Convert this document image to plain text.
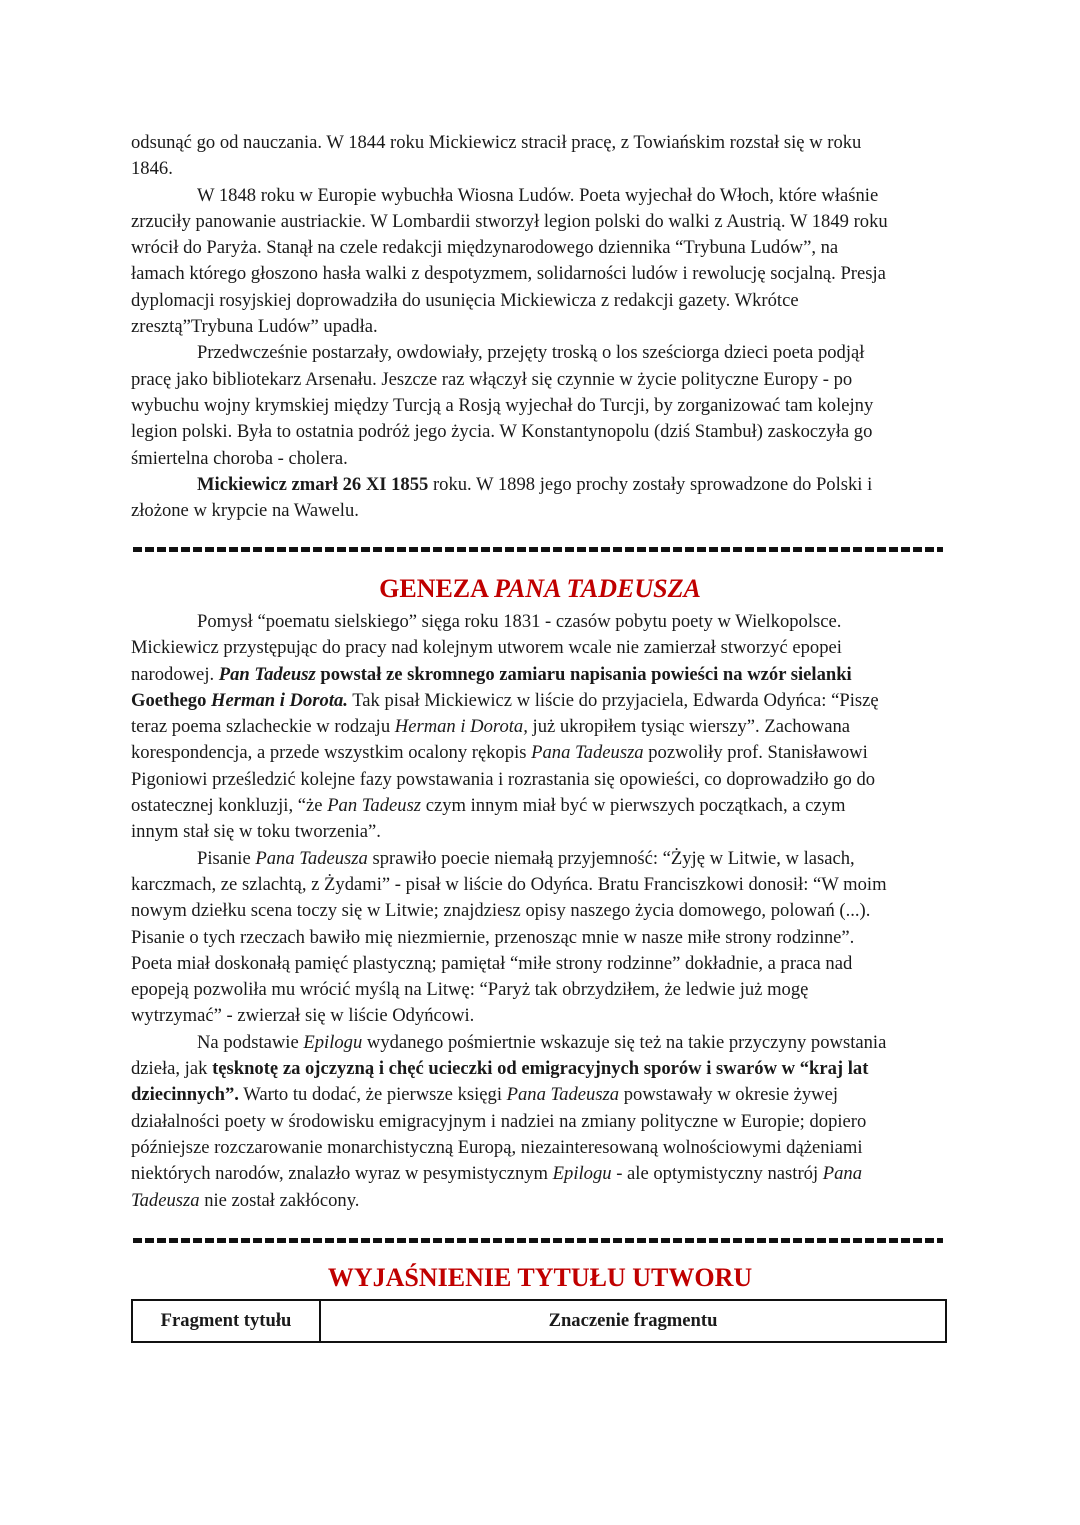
odsunąć go od nauczania. W 1844 roku Mickiewicz stracił pracę, z Towiańskim rozstał się w roku
1846.
W 1848 roku w Europie wybuchła Wiosna Ludów. Poeta wyjechał do Włoch, które właśnie
zrzuciły panowanie austriackie. W Lombardii stworzył legion polski do walki z Austrią. W 1849 roku
wrócił do Paryża. Stanął na czele redakcji międzynarodowego dziennika “Trybuna Ludów”, na
łamach którego głoszono hasła walki z despotyzmem, solidarności ludów i rewolucję socjalną. Presja
dyplomacji rosyjskiej doprowadziła do usunięcia Mickiewicza z redakcji gazety. Wkrótce
zresztą”Trybuna Ludów” upadła.
Przedwcześnie postarzały, owdowiały, przejęty troską o los sześciorga dzieci poeta podjął
pracę jako bibliotekarz Arsenału. Jeszcze raz włączył się czynnie w życie polityczne Europy - po
wybuchu wojny krymskiej między Turcją a Rosją wyjechał do Turcji, by zorganizować tam kolejny
legion polski. Była to ostatnia podróż jego życia. W Konstantynopolu (dziś Stambuł) zaskoczyła go
śmiertelna choroba - cholera.
Mickiewicz zmarł 26 XI 1855 roku. W 1898 jego prochy zostały sprowadzone do Polski i
złożone w krypcie na Wawelu.
GENEZA PANA TADEUSZA
Pomysł “poematu sielskiego” sięga roku 1831 - czasów pobytu poety w Wielkopolsce.
Mickiewicz przystępując do pracy nad kolejnym utworem wcale nie zamierzał stworzyć epopei
narodowej. Pan Tadeusz powstał ze skromnego zamiaru napisania powieści na wzór sielanki
Goethego Herman i Dorota. Tak pisał Mickiewicz w liście do przyjaciela, Edwarda Odyńca: “Piszę
teraz poema szlacheckie w rodzaju Herman i Dorota, już ukropiłem tysiąc wierszy”. Zachowana
korespondencja, a przede wszystkim ocalony rękopis Pana Tadeusza pozwoliły prof. Stanisławowi
Pigoniowi prześledzić kolejne fazy powstawania i rozrastania się opowieści, co doprowadziło go do
ostatecznej konkluzji, “że Pan Tadeusz czym innym miał być w pierwszych początkach, a czym
innym stał się w toku tworzenia”.
Pisanie Pana Tadeusza sprawiło poecie niemałą przyjemność: “Żyję w Litwie, w lasach,
karczmach, ze szlachtą, z Żydami” - pisał w liście do Odyńca. Bratu Franciszkowi donosił: “W moim
nowym dziełku scena toczy się w Litwie; znajdziesz opisy naszego życia domowego, polowań (...).
Pisanie o tych rzeczach bawiło mię niezmiernie, przenosząc mnie w nasze miłe strony rodzinne”.
Poeta miał doskonałą pamięć plastyczną; pamiętał “miłe strony rodzinne” dokładnie, a praca nad
epopeją pozwoliła mu wrócić myślą na Litwę: “Paryż tak obrzydziłem, że ledwie już mogę
wytrzymać” - zwierzał się w liście Odyńcowi.
Na podstawie Epilogu wydanego pośmiertnie wskazuje się też na takie przyczyny powstania
dzieła, jak tęsknotę za ojczyzną i chęć ucieczki od emigracyjnych sporów i swarów w “kraj lat
dziecinnych”. Warto tu dodać, że pierwsze księgi Pana Tadeusza powstawały w okresie żywej
działalności poety w środowisku emigracyjnym i nadziei na zmiany polityczne w Europie; dopiero
późniejsze rozczarowanie monarchistyczną Europą, niezainteresowaną wolnościowymi dążeniami
niektórych narodów, znalazło wyraz w pesymistycznym Epilogu - ale optymistyczny nastrój Pana
Tadeusza nie został zakłócony.
WYJAŚNIENIE TYTUŁU UTWORU
Fragment tytułu	Znaczenie fragmentu
